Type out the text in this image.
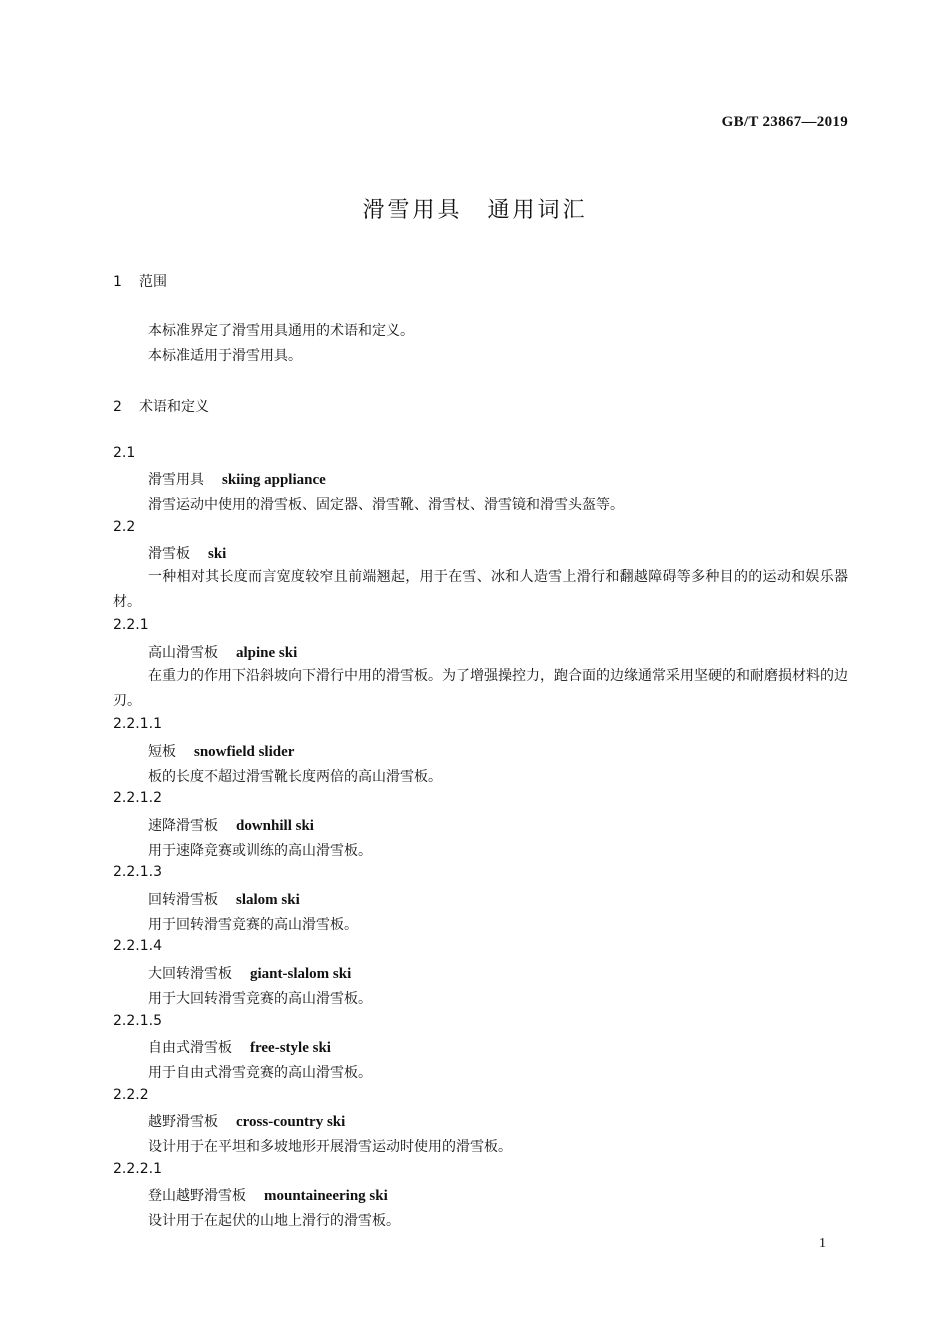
GB/T 23867—2019
滑雪用具　通用词汇
1 范围
本标准界定了滑雪用具通用的术语和定义。
本标准适用于滑雪用具。
2 术语和定义
2.1
滑雪用具 skiing appliance
滑雪运动中使用的滑雪板、固定器、滑雪靴、滑雪杖、滑雪镜和滑雪头盔等。
2.2
滑雪板 ski
一种相对其长度而言宽度较窄且前端翘起，用于在雪、冰和人造雪上滑行和翻越障碍等多种目的的运动和娱乐器材。
2.2.1
高山滑雪板 alpine ski
在重力的作用下沿斜坡向下滑行中用的滑雪板。为了增强操控力，跑合面的边缘通常采用坚硬的和耐磨损材料的边刃。
2.2.1.1
短板 snowfield slider
板的长度不超过滑雪靴长度两倍的高山滑雪板。
2.2.1.2
速降滑雪板 downhill ski
用于速降竞赛或训练的高山滑雪板。
2.2.1.3
回转滑雪板 slalom ski
用于回转滑雪竞赛的高山滑雪板。
2.2.1.4
大回转滑雪板 giant-slalom ski
用于大回转滑雪竞赛的高山滑雪板。
2.2.1.5
自由式滑雪板 free-style ski
用于自由式滑雪竞赛的高山滑雪板。
2.2.2
越野滑雪板 cross-country ski
设计用于在平坦和多坡地形开展滑雪运动时使用的滑雪板。
2.2.2.1
登山越野滑雪板 mountaineering ski
设计用于在起伏的山地上滑行的滑雪板。
1
